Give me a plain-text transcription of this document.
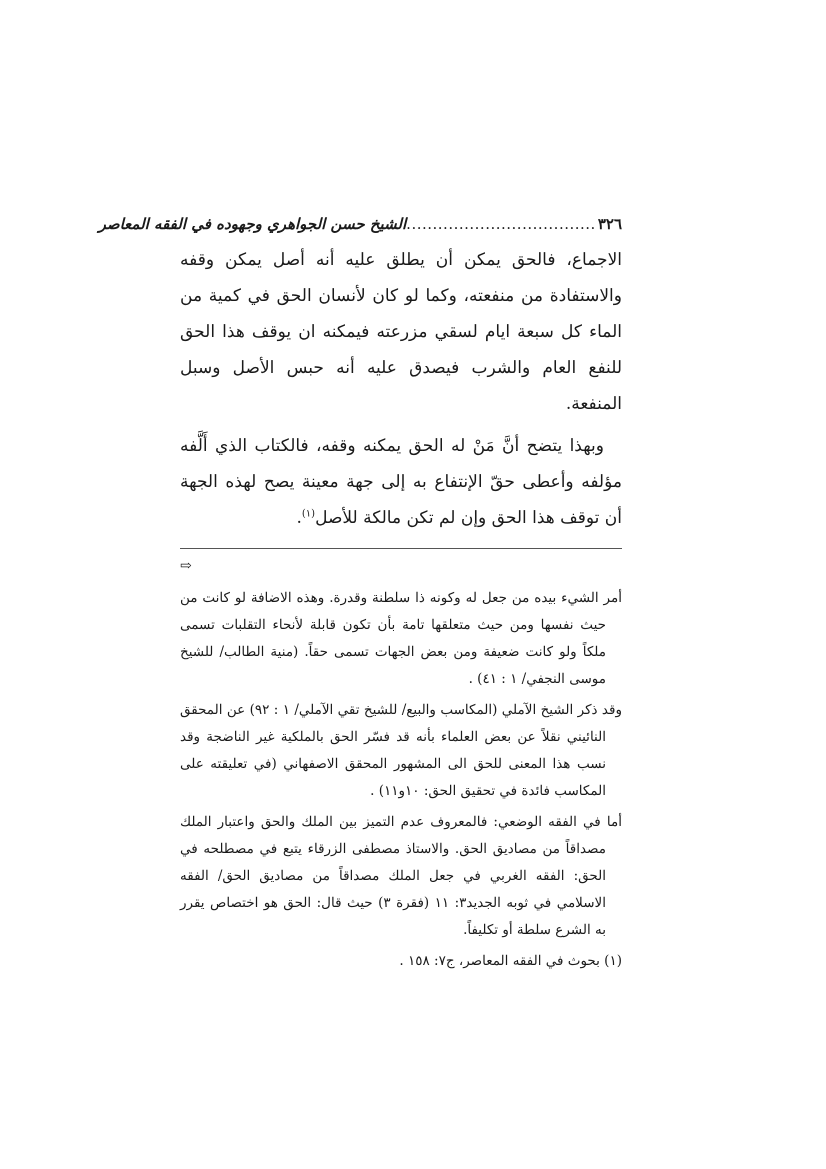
٣٢٦
....................................
الشيخ حسن الجواهري وجهوده في الفقه المعاصر

الاجماع، فالحق يمكن أن يطلق عليه أنه أصل يمكن وقفه والاستفادة من منفعته، وكما لو كان لأنسان الحق في كمية من الماء كل سبعة ايام لسقي مزرعته فيمكنه ان يوقف هذا الحق للنفع العام والشرب فيصدق عليه أنه حبس الأصل وسبل المنفعة.

وبهذا يتضح أنَّ مَنْ له الحق يمكنه وقفه، فالكتاب الذي أَلَّفه مؤلفه وأعطى حقّ الإنتفاع به إلى جهة معينة يصح لهذه الجهة أن توقف هذا الحق وإن لم تكن مالكة للأصل$^{(١)}$.

⇨

أمر الشيء بيده من جعل له وكونه ذا سلطنة وقدرة. وهذه الاضافة لو كانت من حيث نفسها ومن حيث متعلقها تامة بأن تكون قابلة لأنحاء التقلبات تسمى ملكاً ولو كانت ضعيفة ومن بعض الجهات تسمى حقاً. (منية الطالب/ للشيخ موسى النجفي/ ١ : ٤١) .

وقد ذكر الشيخ الآملي (المكاسب والبيع/ للشيخ تقي الآملي/ ١ : ٩٢) عن المحقق النائيني نقلاً عن بعض العلماء بأنه قد فسّر الحق بالملكية غير الناضجة وقد نسب هذا المعنى للحق الى المشهور المحقق الاصفهاني (في تعليقته على المكاسب فائدة في تحقيق الحق: ١٠و١١) .

أما في الفقه الوضعي: فالمعروف عدم التميز بين الملك والحق واعتبار الملك مصداقاً من مصاديق الحق. والاستاذ مصطفى الزرقاء يتبع في مصطلحه في الحق: الفقه الغربي في جعل الملك مصداقاً من مصاديق الحق/ الفقه الاسلامي في ثوبه الجديد٣: ١١ (فقرة ٣) حيث قال: الحق هو اختصاص يقرر به الشرع سلطة أو تكليفاً.

(١) بحوث في الفقه المعاصر، ج٧: ١٥٨ .
